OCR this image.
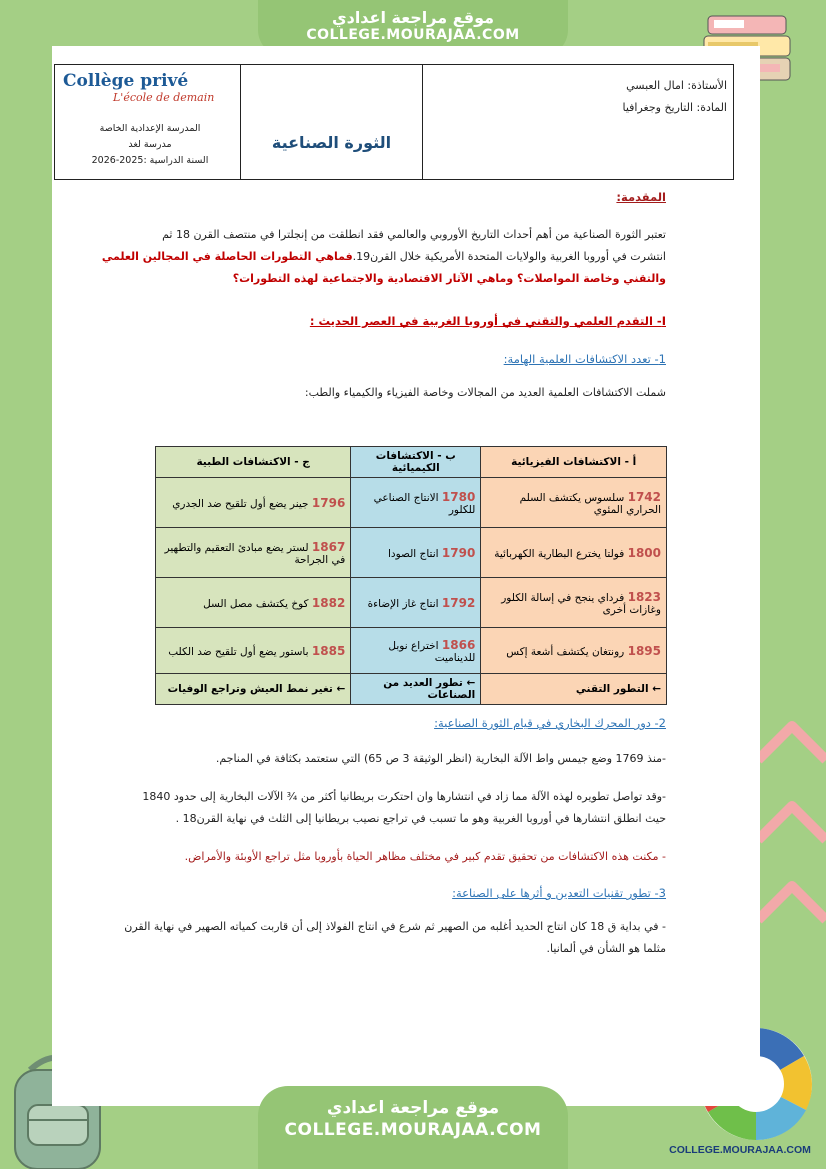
موقع مراجعة اعدادي
COLLEGE.MOURAJAA.COM
COLLEGE.MOURAJAA.COM
Collège privé
L'école de demain
المدرسة الإعدادية الخاصة
مدرسة لغد
السنة الدراسية :2025-2026
الثورة الصناعية
الأستاذة: امال العبسي
المادة: التاريخ وجغرافيا
المقدمة:
تعتبر الثورة الصناعية من أهم أحداث التاريخ الأوروبي والعالمي فقد انطلقت من إنجلترا في منتصف القرن 18 ثم
انتشرت في أوروبا الغربية والولايات المتحدة الأمريكية خلال القرن19.فماهي التطورات الحاصلة في المجالين العلمي
والتقني وخاصة المواصلات؟ وماهي الآثار الاقتصادية والاجتماعية لهذه التطورات؟
I- التقدم العلمي والتقني في أوروبا الغربية في العصر الحديث :
1- تعدد الاكتشافات العلمية الهامة:
شملت الاكتشافات العلمية العديد من المجالات وخاصة الفيزياء والكيمياء والطب:
أ - الاكتشافات الفيزيائية	ب - الاكتشافات الكيميائية	ج - الاكتشافات الطبية
1742 سلسوس يكتشف السلم الحراري المئوي	1780 الانتاج الصناعي للكلور	1796 جينر يضع أول تلقيح ضد الجدري
1800 فولتا يخترع البطارية الكهربائية	1790 انتاج الصودا	1867 لستر يضع مبادئ التعقيم والتطهير في الجراحة
1823 فرداي ينجح في إسالة الكلور وغازات أخرى	1792 انتاج غاز الإضاءة	1882 كوخ يكتشف مصل السل
1895 رونتغان يكتشف أشعة إكس	1866 اختراع نوبل للديناميت	1885 باستور يضع أول تلقيح ضد الكلب
← التطور التقني	← تطور العديد من الصناعات	← تغير نمط العيش وتراجع الوفيات
2- دور المحرك البخاري في قيام الثورة الصناعية:
-منذ 1769 وضع جيمس واط الآلة البخارية (انظر الوثيقة 3 ص 65) التي ستعتمد بكثافة في المناجم.
-وقد تواصل تطويره لهذه الآلة مما زاد في انتشارها وان احتكرت بريطانيا أكثر من ¾ الآلات البخارية إلى حدود 1840
حيث انطلق انتشارها في أوروبا الغربية وهو ما تسبب في تراجع نصيب بريطانيا إلى الثلث في نهاية القرن18 .
- مكنت هذه الاكتشافات من تحقيق تقدم كبير في مختلف مظاهر الحياة بأوروبا مثل تراجع الأوبئة والأمراض.
3- تطور تقنيات التعدين و أثرها على الصناعة:
- في بداية ق 18 كان انتاج الحديد أغلبه من الصهير ثم شرع في انتاج الفولاذ إلى أن قاربت كمياته الصهير في نهاية القرن
مثلما هو الشأن في ألمانيا.
موقع مراجعة اعدادي
COLLEGE.MOURAJAA.COM
